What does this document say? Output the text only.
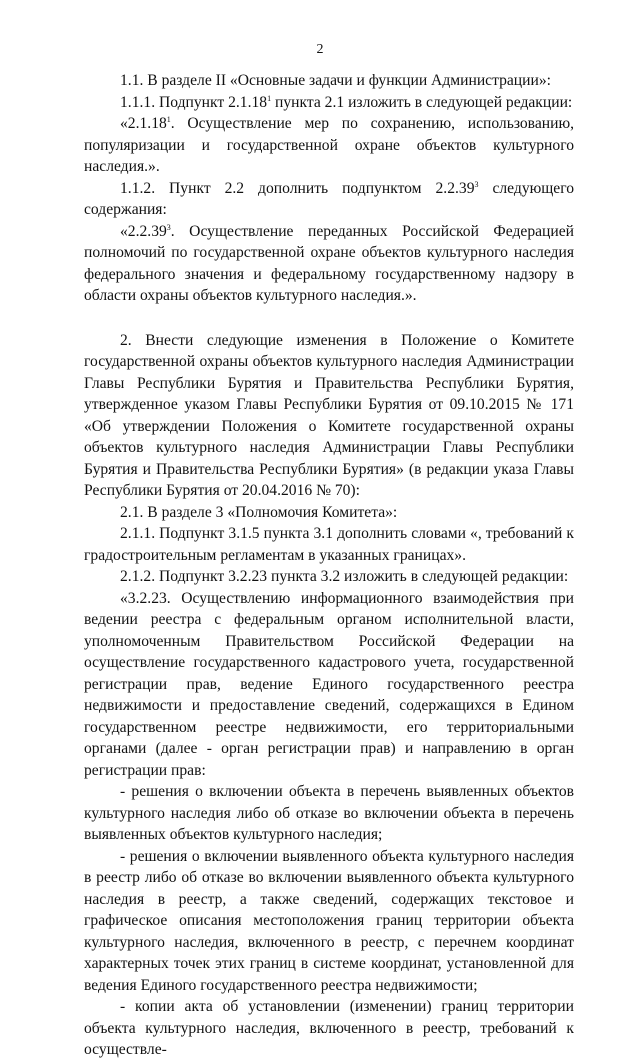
2

1.1. В разделе II «Основные задачи и функции Администрации»:

1.1.1. Подпункт 2.1.18$^1$ пункта 2.1 изложить в следующей редакции:

«2.1.18$^1$. Осуществление мер по сохранению, использованию, популяризации и государственной охране объектов культурного наследия.».

1.1.2. Пункт 2.2 дополнить подпунктом 2.2.39$^3$ следующего содержания:

«2.2.39$^3$. Осуществление переданных Российской Федерацией полномочий по государственной охране объектов культурного наследия федерального значения и федеральному государственному надзору в области охраны объектов культурного наследия.».

2. Внести следующие изменения в Положение о Комитете государственной охраны объектов культурного наследия Администрации Главы Республики Бурятия и Правительства Республики Бурятия, утвержденное указом Главы Республики Бурятия от 09.10.2015 № 171 «Об утверждении Положения о Комитете государственной охраны объектов культурного наследия Администрации Главы Республики Бурятия и Правительства Республики Бурятия» (в редакции указа Главы Республики Бурятия от 20.04.2016 № 70):

2.1. В разделе 3 «Полномочия Комитета»:

2.1.1. Подпункт 3.1.5 пункта 3.1 дополнить словами «, требований к градостроительным регламентам в указанных границах».

2.1.2. Подпункт 3.2.23 пункта 3.2 изложить в следующей редакции:

«3.2.23. Осуществлению информационного взаимодействия при ведении реестра с федеральным органом исполнительной власти, уполномоченным Правительством Российской Федерации на осуществление государственного кадастрового учета, государственной регистрации прав, ведение Единого государственного реестра недвижимости и предоставление сведений, содержащихся в Едином государственном реестре недвижимости, его территориальными органами (далее - орган регистрации прав) и направлению в орган регистрации прав:

- решения о включении объекта в перечень выявленных объектов культурного наследия либо об отказе во включении объекта в перечень выявленных объектов культурного наследия;

- решения о включении выявленного объекта культурного наследия в реестр либо об отказе во включении выявленного объекта культурного наследия в реестр, а также сведений, содержащих текстовое и графическое описания местоположения границ территории объекта культурного наследия, включенного в реестр, с перечнем координат характерных точек этих границ в системе координат, установленной для ведения Единого государственного реестра недвижимости;

- копии акта об установлении (изменении) границ территории объекта культурного наследия, включенного в реестр, требований к осуществле-
